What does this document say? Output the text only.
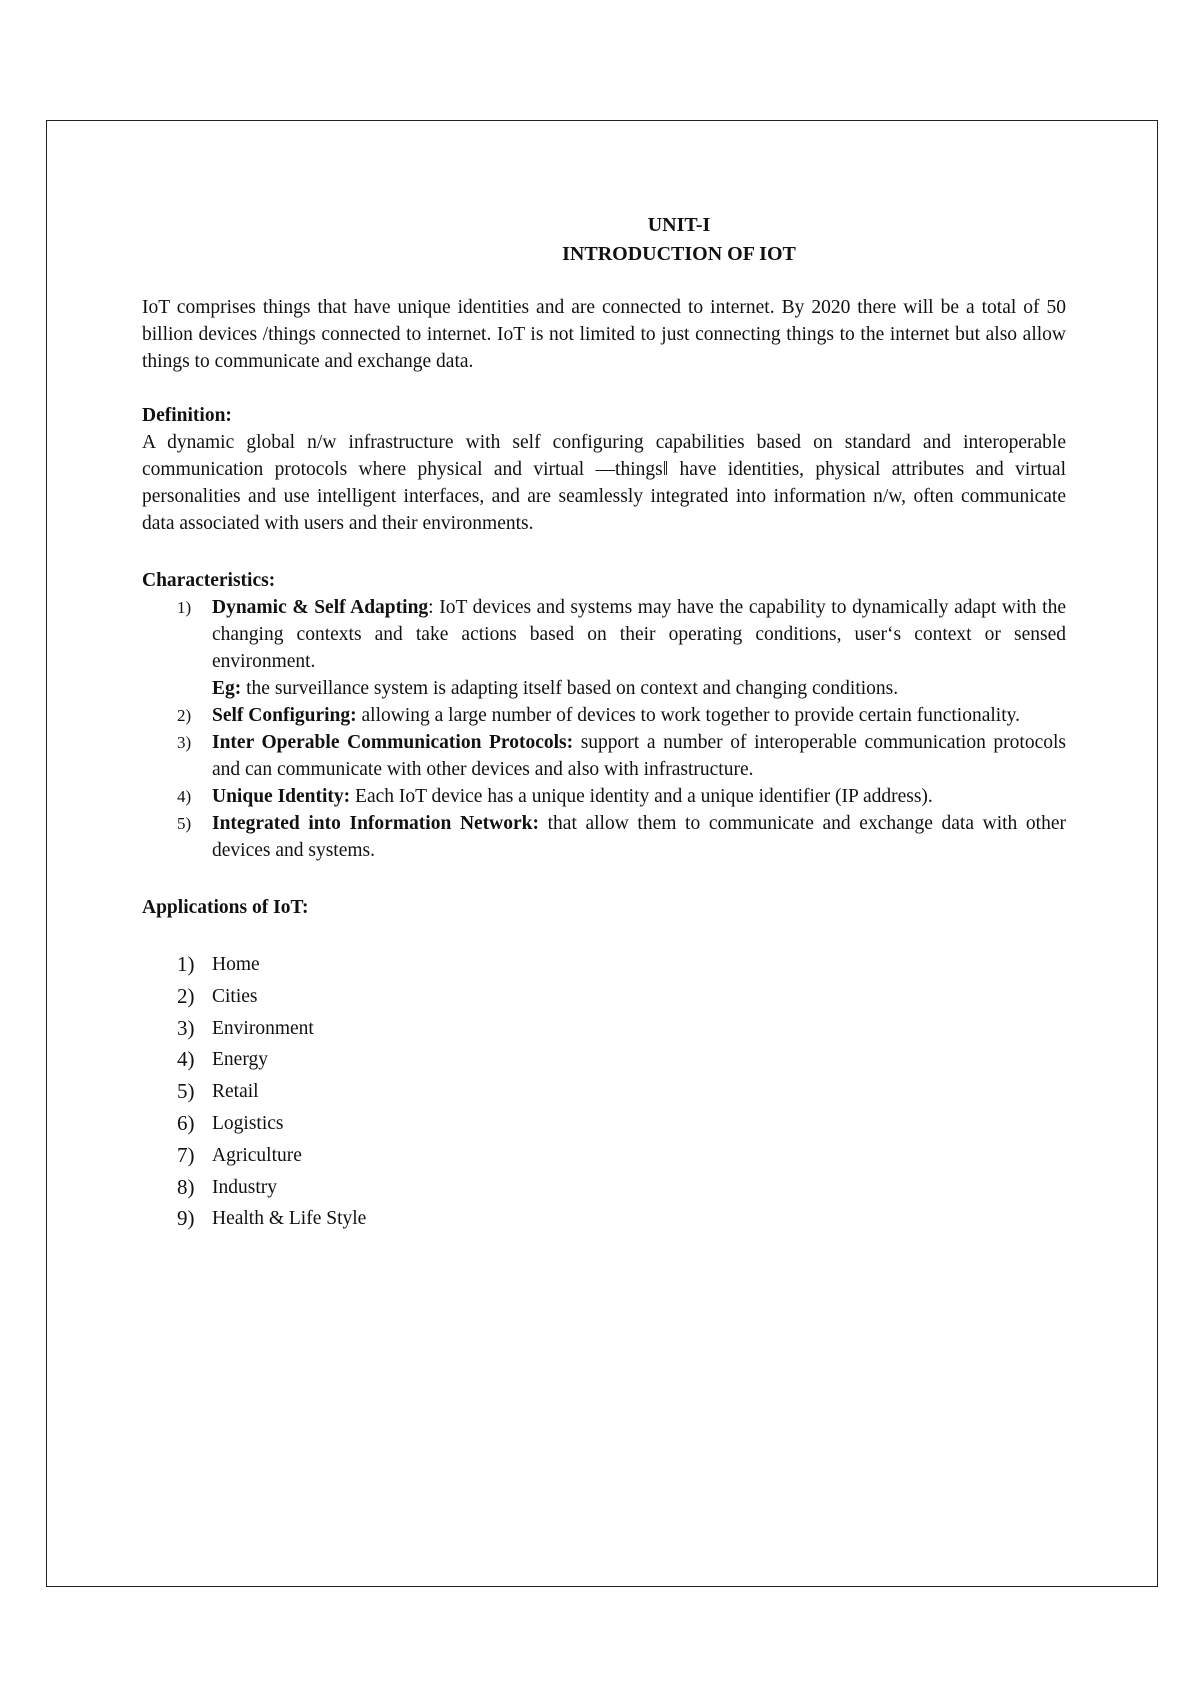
UNIT-I
INTRODUCTION OF IOT

IoT comprises things that have unique identities and are connected to internet. By 2020 there will be a total of 50 billion devices /things connected to internet. IoT is not limited to just connecting things to the internet but also allow things to communicate and exchange data.

Definition:

A dynamic global n/w infrastructure with self configuring capabilities based on standard and interoperable communication protocols where physical and virtual ―things‖ have identities, physical attributes and virtual personalities and use intelligent interfaces, and are seamlessly integrated into information n/w, often communicate data associated with users and their environments.

Characteristics:
1) Dynamic & Self Adapting: IoT devices and systems may have the capability to dynamically adapt with the changing contexts and take actions based on their operating conditions, user‘s context or sensed environment.
Eg: the surveillance system is adapting itself based on context and changing conditions.
2) Self Configuring: allowing a large number of devices to work together to provide certain functionality.
3) Inter Operable Communication Protocols: support a number of interoperable communication protocols and can communicate with other devices and also with infrastructure.
4) Unique Identity: Each IoT device has a unique identity and a unique identifier (IP address).
5) Integrated into Information Network: that allow them to communicate and exchange data with other devices and systems.
Applications of IoT:
1) Home
2) Cities
3) Environment
4) Energy
5) Retail
6) Logistics
7) Agriculture
8) Industry
9) Health & Life Style
